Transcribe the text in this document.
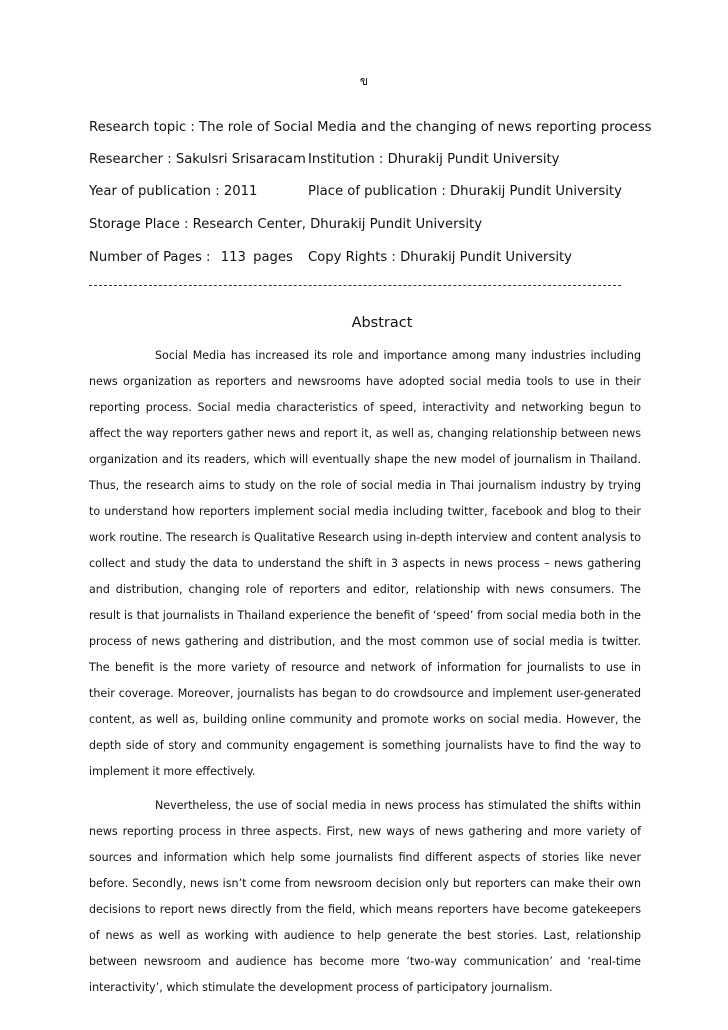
ข
Research topic : The role of Social Media and the changing of news reporting process
Researcher : Sakulsri Srisaracam Institution : Dhurakij Pundit University
Year of publication : 2011	Place of publication : Dhurakij Pundit University
Storage Place : Research Center, Dhurakij Pundit University
Number of Pages : 113 pages Copy Rights : Dhurakij Pundit University
Abstract

Social Media has increased its role and importance among many industries including news organization as reporters and newsrooms have adopted social media tools to use in their reporting process. Social media characteristics of speed, interactivity and networking begun to affect the way reporters gather news and report it, as well as, changing relationship between news organization and its readers, which will eventually shape the new model of journalism in Thailand. Thus, the research aims to study on the role of social media in Thai journalism industry by trying to understand how reporters implement social media including twitter, facebook and blog to their work routine. The research is Qualitative Research using in-depth interview and content analysis to collect and study the data to understand the shift in 3 aspects in news process – news gathering and distribution, changing role of reporters and editor, relationship with news consumers. The result is that journalists in Thailand experience the benefit of ‘speed’ from social media both in the process of news gathering and distribution, and the most common use of social media is twitter. The benefit is the more variety of resource and network of information for journalists to use in their coverage. Moreover, journalists has began to do crowdsource and implement user-generated content, as well as, building online community and promote works on social media. However, the depth side of story and community engagement is something journalists have to find the way to implement it more effectively.

Nevertheless, the use of social media in news process has stimulated the shifts within news reporting process in three aspects. First, new ways of news gathering and more variety of sources and information which help some journalists find different aspects of stories like never before. Secondly, news isn’t come from newsroom decision only but reporters can make their own decisions to report news directly from the field, which means reporters have become gatekeepers of news as well as working with audience to help generate the best stories. Last, relationship between newsroom and audience has become more ‘two-way communication’ and ‘real-time interactivity’, which stimulate the development process of participatory journalism.
